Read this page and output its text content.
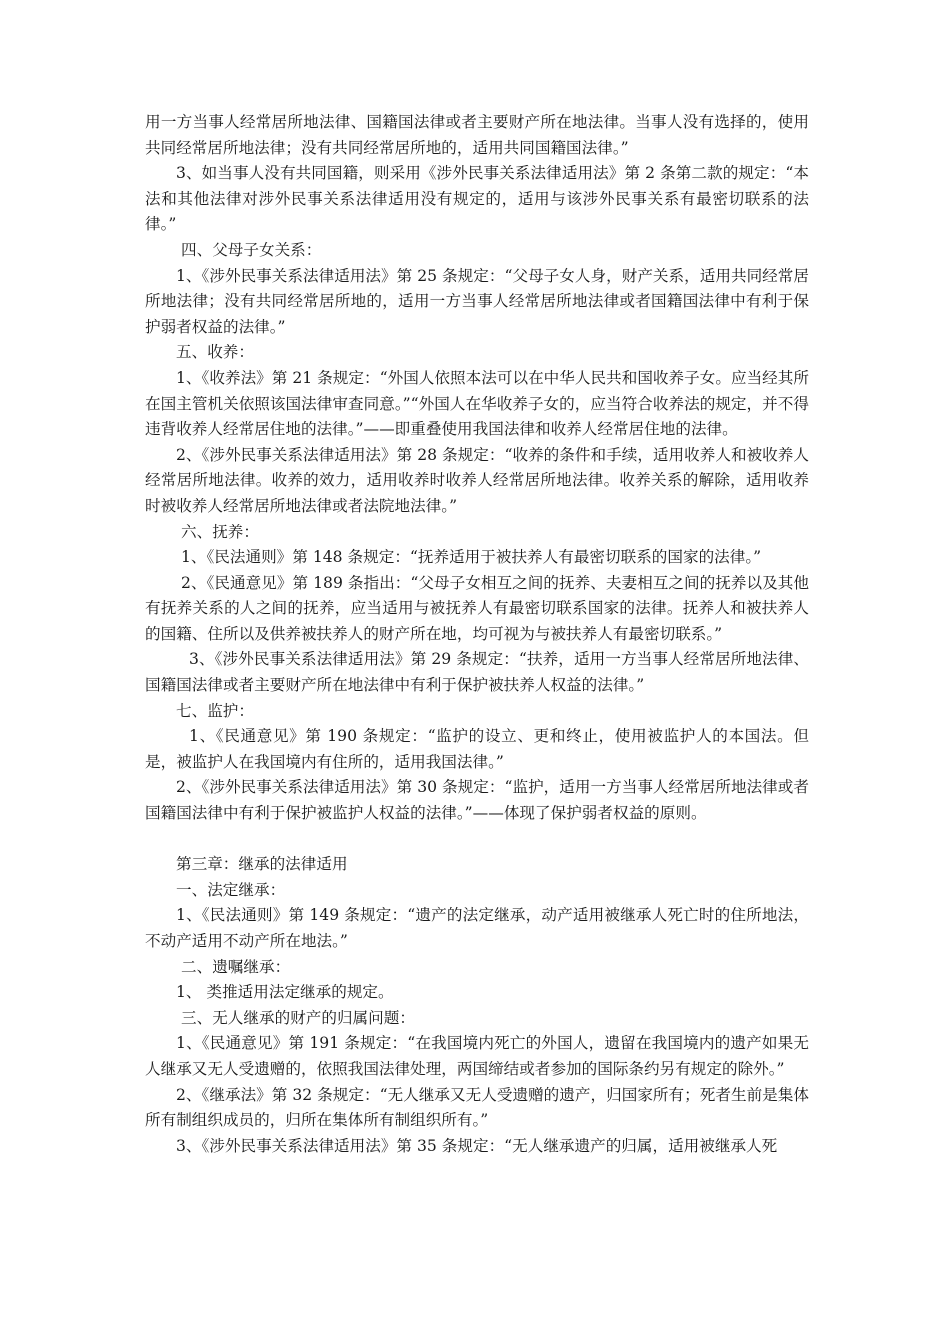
用一方当事人经常居所地法律、国籍国法律或者主要财产所在地法律。当事人没有选择的，使用共同经常居所地法律；没有共同经常居所地的，适用共同国籍国法律。”

3、如当事人没有共同国籍，则采用《涉外民事关系法律适用法》第 2 条第二款的规定：“本法和其他法律对涉外民事关系法律适用没有规定的，适用与该涉外民事关系有最密切联系的法律。”

四、父母子女关系：

1、《涉外民事关系法律适用法》第 25 条规定：“父母子女人身，财产关系，适用共同经常居所地法律；没有共同经常居所地的，适用一方当事人经常居所地法律或者国籍国法律中有利于保护弱者权益的法律。”

五、收养：

1、《收养法》第 21 条规定：“外国人依照本法可以在中华人民共和国收养子女。应当经其所在国主管机关依照该国法律审查同意。”“外国人在华收养子女的，应当符合收养法的规定，并不得违背收养人经常居住地的法律。”——即重叠使用我国法律和收养人经常居住地的法律。

2、《涉外民事关系法律适用法》第 28 条规定：“收养的条件和手续，适用收养人和被收养人经常居所地法律。收养的效力，适用收养时收养人经常居所地法律。收养关系的解除，适用收养时被收养人经常居所地法律或者法院地法律。”

六、抚养：

1、《民法通则》第 148 条规定：“抚养适用于被扶养人有最密切联系的国家的法律。”

2、《民通意见》第 189 条指出：“父母子女相互之间的抚养、夫妻相互之间的抚养以及其他有抚养关系的人之间的抚养，应当适用与被抚养人有最密切联系国家的法律。抚养人和被扶养人的国籍、住所以及供养被扶养人的财产所在地，均可视为与被扶养人有最密切联系。”

3、《涉外民事关系法律适用法》第 29 条规定：“扶养，适用一方当事人经常居所地法律、国籍国法律或者主要财产所在地法律中有利于保护被扶养人权益的法律。”

七、监护：

1、《民通意见》第 190 条规定：“监护的设立、更和终止，使用被监护人的本国法。但是，被监护人在我国境内有住所的，适用我国法律。”

2、《涉外民事关系法律适用法》第 30 条规定：“监护，适用一方当事人经常居所地法律或者国籍国法律中有利于保护被监护人权益的法律。”——体现了保护弱者权益的原则。

第三章：继承的法律适用

一、法定继承：

1、《民法通则》第 149 条规定：“遗产的法定继承，动产适用被继承人死亡时的住所地法，不动产适用不动产所在地法。”

二、遗嘱继承：

1、 类推适用法定继承的规定。

三、无人继承的财产的归属问题：

1、《民通意见》第 191 条规定：“在我国境内死亡的外国人，遗留在我国境内的遗产如果无人继承又无人受遗赠的，依照我国法律处理，两国缔结或者参加的国际条约另有规定的除外。”

2、《继承法》第 32 条规定：“无人继承又无人受遗赠的遗产，归国家所有；死者生前是集体所有制组织成员的，归所在集体所有制组织所有。”

3、《涉外民事关系法律适用法》第 35 条规定：“无人继承遗产的归属，适用被继承人死
